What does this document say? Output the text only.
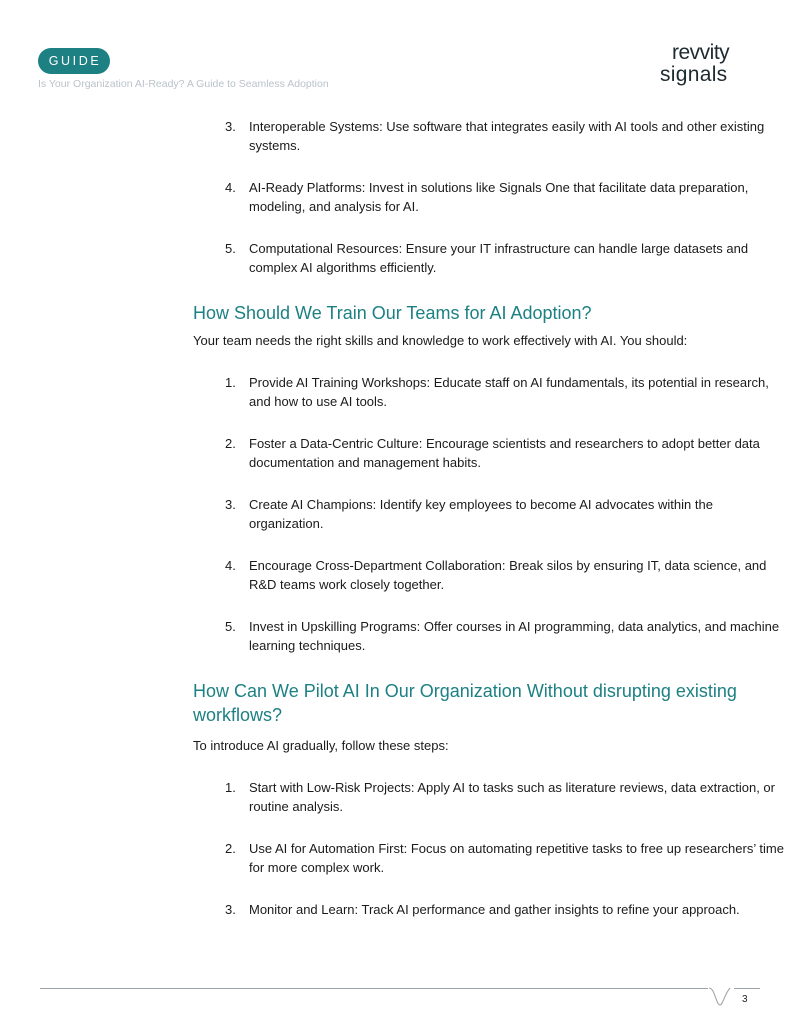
GUIDE
Is Your Organization AI-Ready? A Guide to Seamless Adoption
revvity
signals
3. Interoperable Systems: Use software that integrates easily with AI tools and other existing systems.
4. AI-Ready Platforms: Invest in solutions like Signals One that facilitate data preparation, modeling, and analysis for AI.
5. Computational Resources: Ensure your IT infrastructure can handle large datasets and complex AI algorithms efficiently.
How Should We Train Our Teams for AI Adoption?
Your team needs the right skills and knowledge to work effectively with AI. You should:
1. Provide AI Training Workshops: Educate staff on AI fundamentals, its potential in research, and how to use AI tools.
2. Foster a Data-Centric Culture: Encourage scientists and researchers to adopt better data documentation and management habits.
3. Create AI Champions: Identify key employees to become AI advocates within the organization.
4. Encourage Cross-Department Collaboration: Break silos by ensuring IT, data science, and R&D teams work closely together.
5. Invest in Upskilling Programs: Offer courses in AI programming, data analytics, and machine learning techniques.
How Can We Pilot AI In Our Organization Without disrupting existing workflows?
To introduce AI gradually, follow these steps:
1. Start with Low-Risk Projects: Apply AI to tasks such as literature reviews, data extraction, or routine analysis.
2. Use AI for Automation First: Focus on automating repetitive tasks to free up researchers’ time for more complex work.
3. Monitor and Learn: Track AI performance and gather insights to refine your approach.
3
